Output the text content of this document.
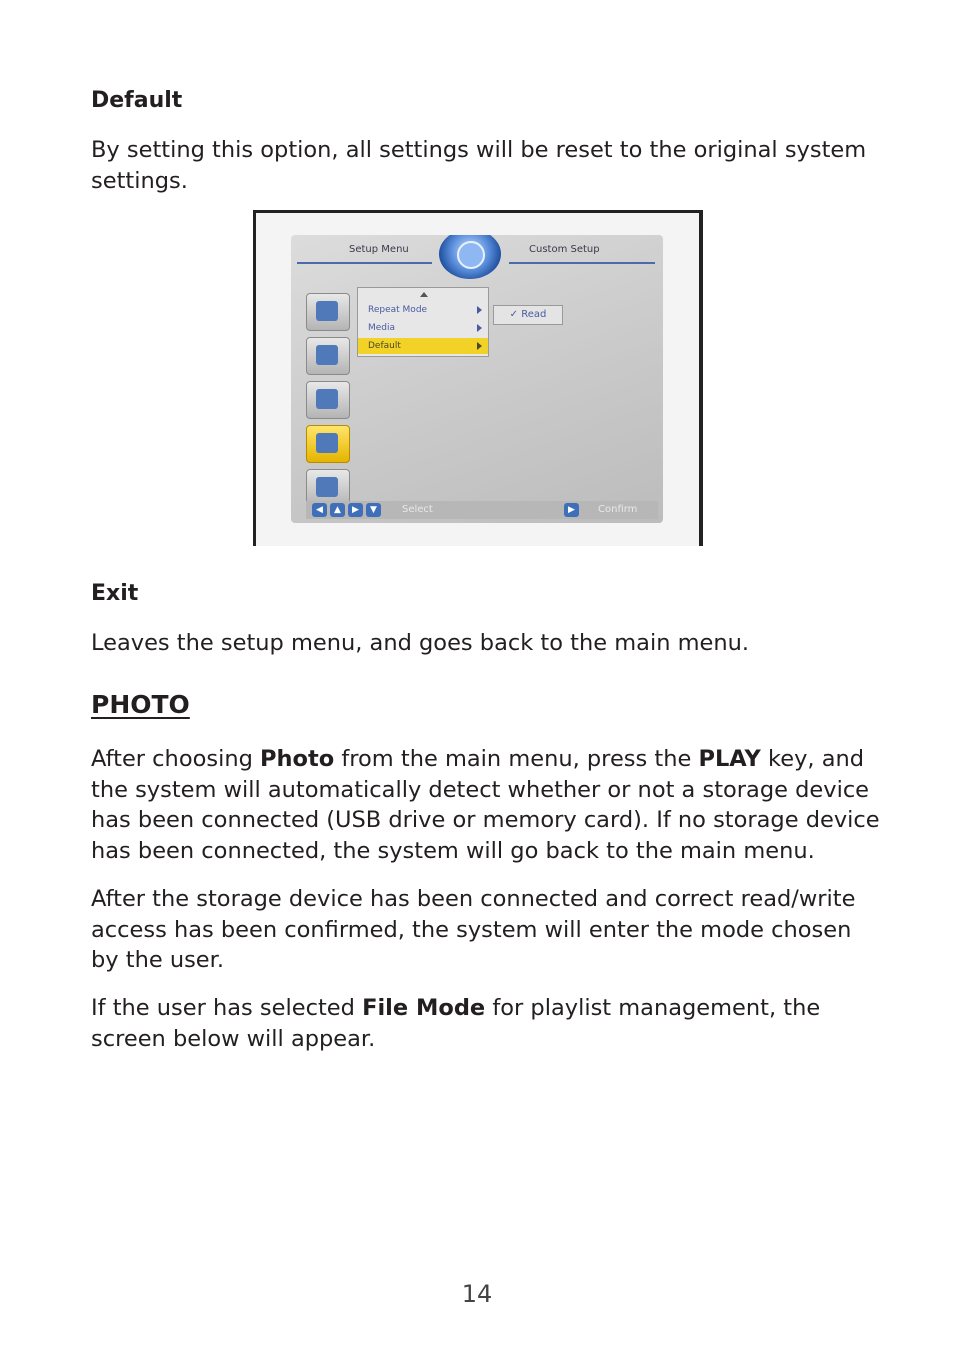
Default
By setting this option, all settings will be reset to the original system settings.
Setup Menu	Custom Setup
Repeat Mode
Media
Default
✓ Read
◀	▲	▶	▼	Select	▶	Confirm
Exit
Leaves the setup menu, and goes back to the main menu.
PHOTO
After choosing Photo from the main menu, press the PLAY key, and the system will automatically detect whether or not a storage device has been connected (USB drive or memory card). If no storage device has been connected, the system will go back to the main menu.
After the storage device has been connected and correct read/write access has been confirmed, the system will enter the mode chosen by the user.
If the user has selected File Mode for playlist management, the screen below will appear.
14
